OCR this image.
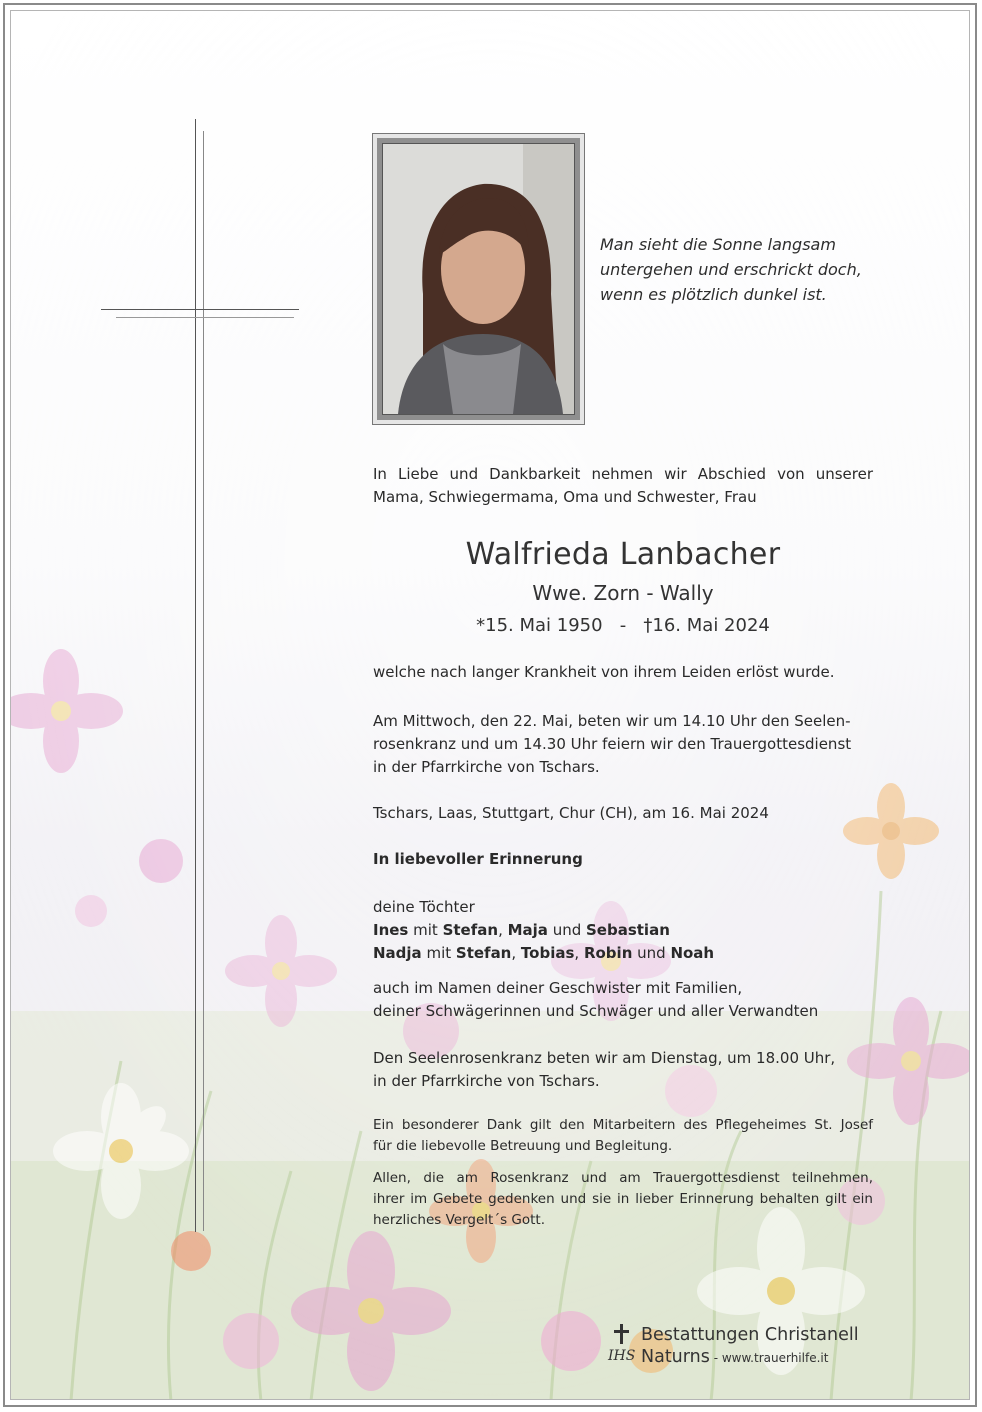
Man sieht die Sonne langsam
untergehen und erschrickt doch,
wenn es plötzlich dunkel ist.
In Liebe und Dankbarkeit nehmen wir Abschied von unserer
Mama, Schwiegermama, Oma und Schwester, Frau
Walfrieda Lanbacher
Wwe. Zorn - Wally
*15. Mai 1950   -   †16. Mai 2024
welche nach langer Krankheit von ihrem Leiden erlöst wurde.
Am Mittwoch, den 22. Mai, beten wir um 14.10 Uhr den Seelen-
rosenkranz und um 14.30 Uhr feiern wir den Trauergottesdienst
in der Pfarrkirche von Tschars.
Tschars, Laas, Stuttgart, Chur (CH), am 16. Mai 2024
In liebevoller Erinnerung
deine Töchter
Ines mit Stefan, Maja und Sebastian
Nadja mit Stefan, Tobias, Robin und Noah
auch im Namen deiner Geschwister mit Familien,
deiner Schwägerinnen und Schwäger und aller Verwandten
Den Seelenrosenkranz beten wir am Dienstag, um 18.00 Uhr,
in der Pfarrkirche von Tschars.
Ein besonderer Dank gilt den Mitarbeitern des Pflegeheimes St. Josef
für die liebevolle Betreuung und Begleitung.
Allen, die am Rosenkranz und am Trauergottesdienst teilnehmen,
ihrer im Gebete gedenken und sie in lieber Erinnerung behalten gilt ein
herzliches Vergelt´s Gott.
IHS
Bestattungen Christanell
Naturns - www.trauerhilfe.it
